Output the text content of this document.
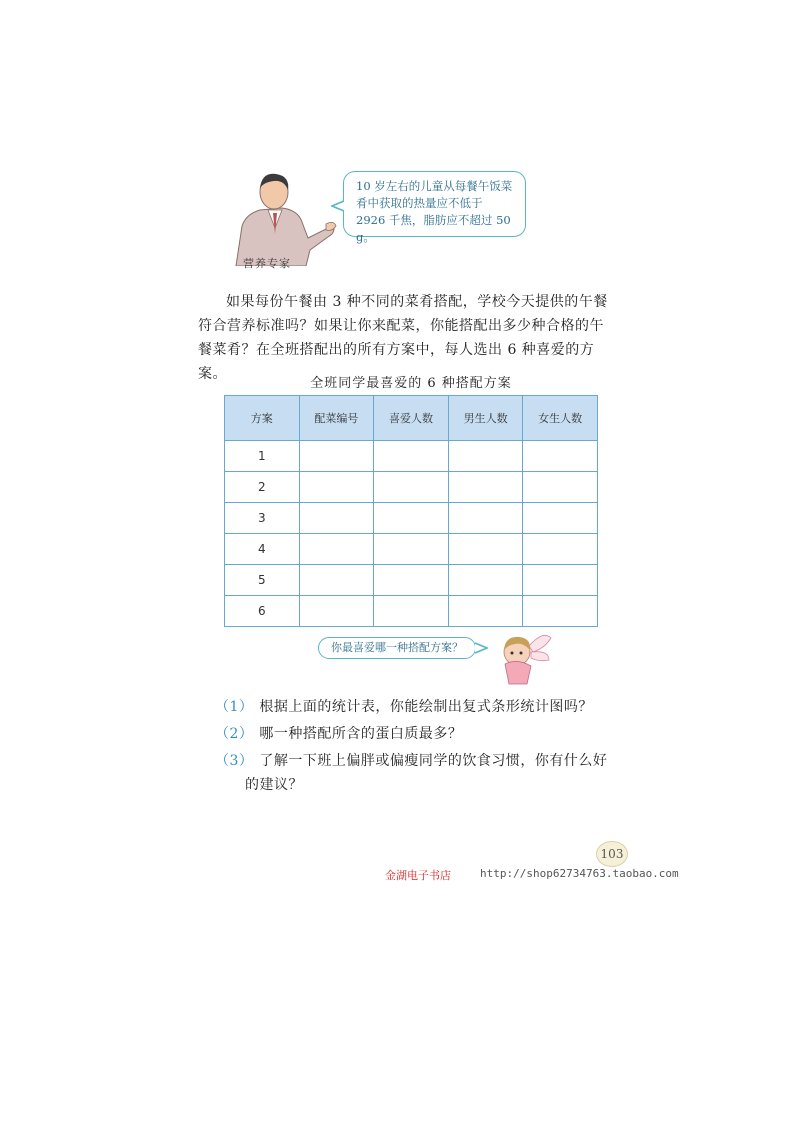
营养专家
10 岁左右的儿童从每餐午饭菜肴中获取的热量应不低于 2926 千焦，脂肪应不超过 50 g。
如果每份午餐由 3 种不同的菜肴搭配，学校今天提供的午餐符合营养标准吗？如果让你来配菜，你能搭配出多少种合格的午餐菜肴？在全班搭配出的所有方案中，每人选出 6 种喜爱的方案。
全班同学最喜爱的 6 种搭配方案
方案	配菜编号	喜爱人数	男生人数	女生人数
1				
2				
3				
4				
5				
6				
你最喜爱哪一种搭配方案？
（1） 根据上面的统计表，你能绘制出复式条形统计图吗？
（2） 哪一种搭配所含的蛋白质最多？
（3） 了解一下班上偏胖或偏瘦同学的饮食习惯，你有什么好
的建议？
103
金湖电子书店	http://shop62734763.taobao.com
